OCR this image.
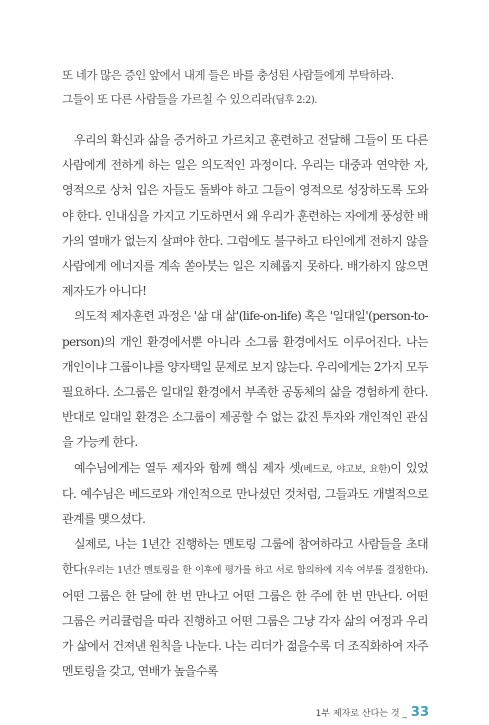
또 네가 많은 증인 앞에서 내게 들은 바를 충성된 사람들에게 부탁하라.
그들이 또 다른 사람들을 가르칠 수 있으리라(딤후 2:2).

우리의 확신과 삶을 증거하고 가르치고 훈련하고 전달해 그들이 또 다른 사람에게 전하게 하는 일은 의도적인 과정이다. 우리는 대중과 연약한 자, 영적으로 상처 입은 자들도 돌봐야 하고 그들이 영적으로 성장하도록 도와야 한다. 인내심을 가지고 기도하면서 왜 우리가 훈련하는 자에게 풍성한 배가의 열매가 없는지 살펴야 한다. 그럼에도 불구하고 타인에게 전하지 않을 사람에게 에너지를 계속 쏟아붓는 일은 지혜롭지 못하다. 배가하지 않으면 제자도가 아니다!

의도적 제자훈련 과정은 '삶 대 삶'(life-on-life) 혹은 '일대일'(person-to-person)의 개인 환경에서뿐 아니라 소그룹 환경에서도 이루어진다. 나는 개인이냐 그룹이냐를 양자택일 문제로 보지 않는다. 우리에게는 2가지 모두 필요하다. 소그룹은 일대일 환경에서 부족한 공동체의 삶을 경험하게 한다. 반대로 일대일 환경은 소그룹이 제공할 수 없는 값진 투자와 개인적인 관심을 가능케 한다.

예수님에게는 열두 제자와 함께 핵심 제자 셋(베드로, 야고보, 요한)이 있었다. 예수님은 베드로와 개인적으로 만나셨던 것처럼, 그들과도 개별적으로 관계를 맺으셨다.

실제로, 나는 1년간 진행하는 멘토링 그룹에 참여하라고 사람들을 초대한다(우리는 1년간 멘토링을 한 이후에 평가를 하고 서로 합의하에 지속 여부를 결정한다). 어떤 그룹은 한 달에 한 번 만나고 어떤 그룹은 한 주에 한 번 만난다. 어떤 그룹은 커리큘럼을 따라 진행하고 어떤 그룹은 그냥 각자 삶의 여정과 우리가 삶에서 건져낸 원칙을 나눈다. 나는 리더가 젊을수록 더 조직화하여 자주 멘토링을 갖고, 연배가 높을수록

1부 제자로 산다는 것 _ 33
